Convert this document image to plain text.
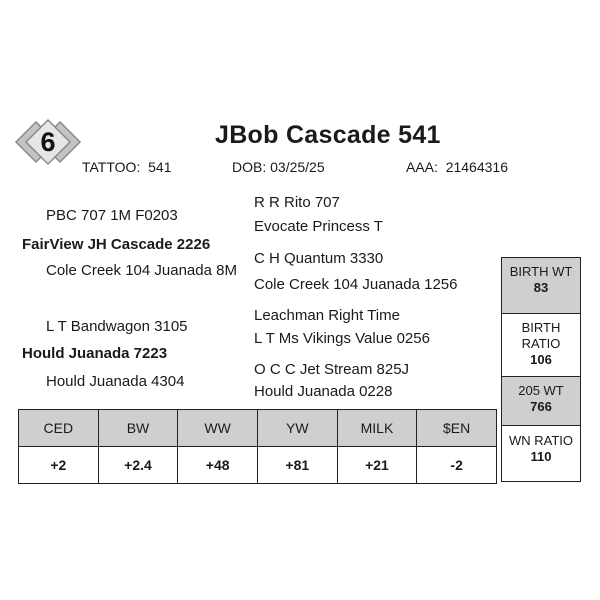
6	JBob Cascade 541
TATTOO: 541	DOB: 03/25/25	AAA: 21464316
PBC 707 1M F0203
FairView JH Cascade 2226
Cole Creek 104 Juanada 8M
L T Bandwagon 3105
Hould Juanada 7223
Hould Juanada 4304
R R Rito 707
Evocate Princess T
C H Quantum 3330
Cole Creek 104 Juanada 1256
Leachman Right Time
L T Ms Vikings Value 0256
O C C Jet Stream 825J
Hould Juanada 0228
CED	BW	WW	YW	MILK	$EN
+2	+2.4	+48	+81	+21	-2
BIRTH WT
83
BIRTH
RATIO
106
205 WT
766
WN RATIO
110
